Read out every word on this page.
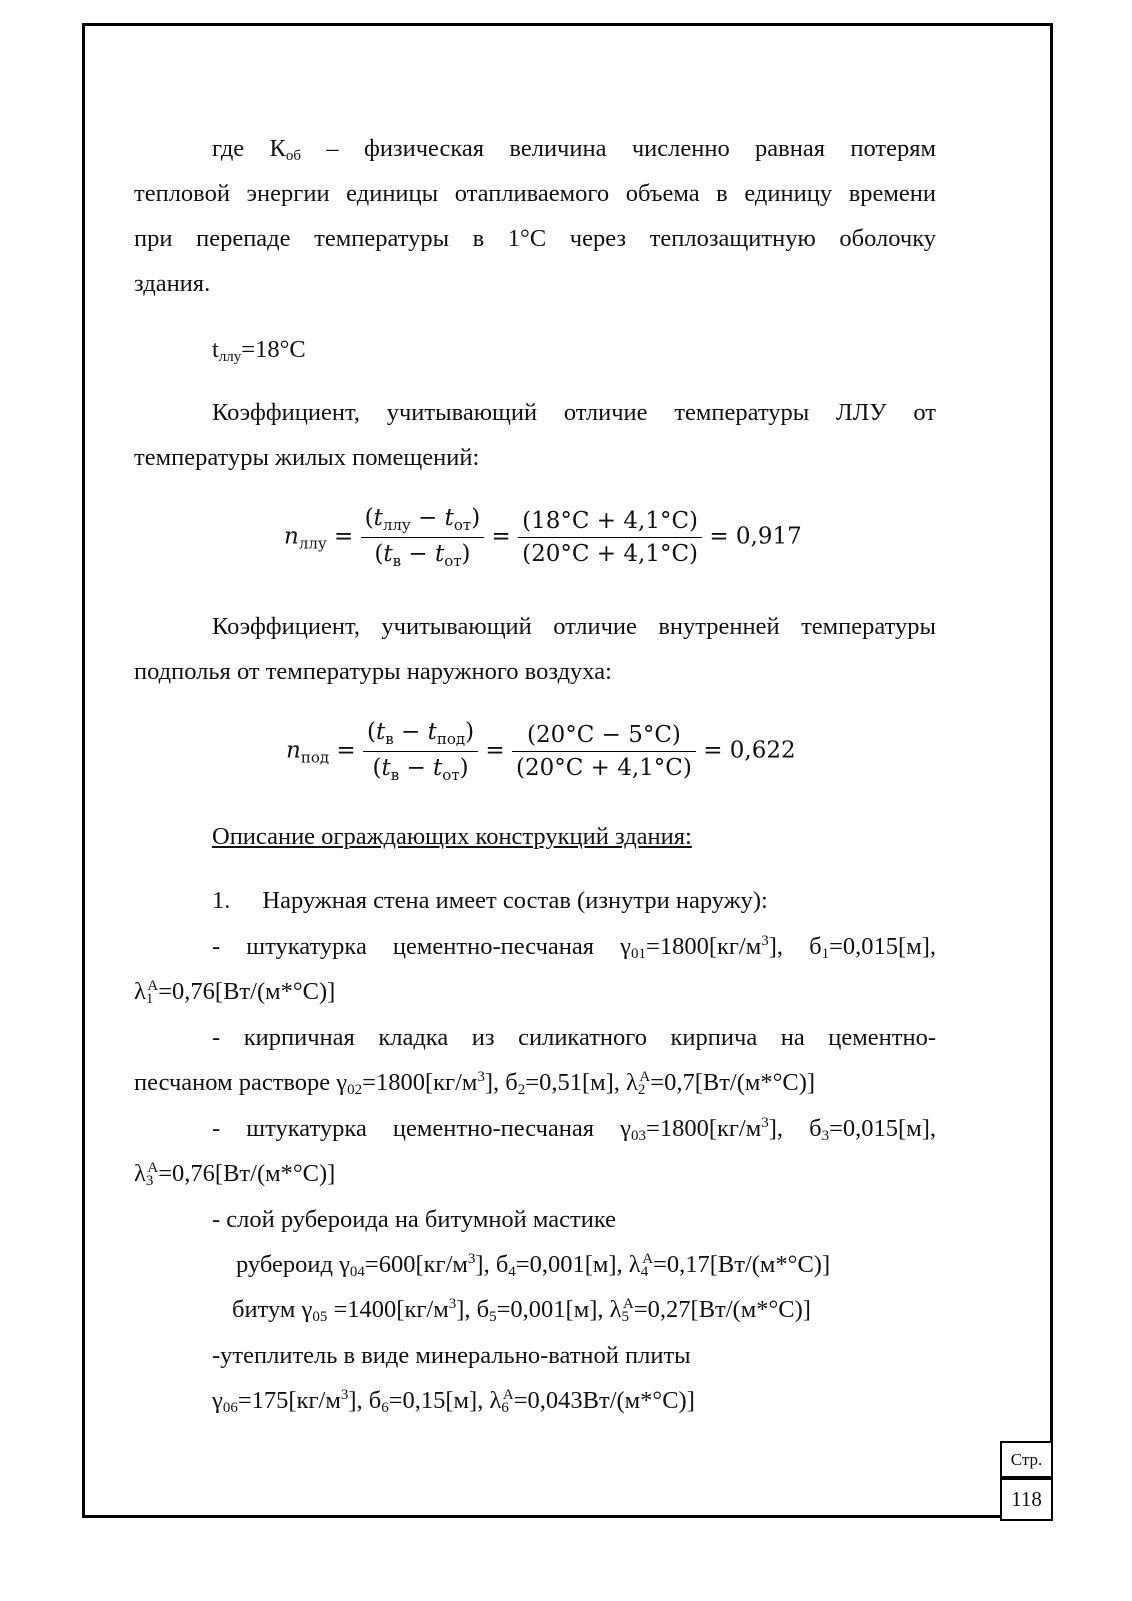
где $К_{об}$ – физическая величина численно равная потерям
тепловой энергии единицы отапливаемого объема в единицу времени
при перепаде температуры в 1°С через теплозащитную оболочку
здания.
$t_{ллу}=18^\circ С$
Коэффициент, учитывающий отличие температуры ЛЛУ от
температуры жилых помещений:
$n_{ллу} = \frac{(t_{ллу} - t_{от})}{(t_в - t_{от})} = \frac{(18^\circ С + 4,1^\circ С)}{(20^\circ С + 4,1^\circ С)} = 0,917$
Коэффициент, учитывающий отличие внутренней температуры
подполья от температуры наружного воздуха:
$n_{под} = \frac{(t_в - t_{под})}{(t_в - t_{от})} = \frac{(20^\circ С - 5^\circ С)}{(20^\circ С + 4,1^\circ С)} = 0,622$
Описание ограждающих конструкций здания:
1. Наружная стена имеет состав (изнутри наружу):
- штукатурка цементно-песчаная $\gamma_{01}=1800[кг/м^3]$, $б_1=0,015[м]$,
$\lambda_1^А=0,76[Вт/(м*^\circ С)]$
- кирпичная кладка из силикатного кирпича на цементно-
песчаном растворе $\gamma_{02}=1800[кг/м^3]$, $б_2=0,51[м]$, $\lambda_2^А=0,7[Вт/(м*^\circ С)]$
- штукатурка цементно-песчаная $\gamma_{03}=1800[кг/м^3]$, $б_3=0,015[м]$,
$\lambda_3^А=0,76[Вт/(м*^\circ С)]$
- слой рубероида на битумной мастике
рубероид $\gamma_{04}=600[кг/м^3]$, $б_4=0,001[м]$, $\lambda_4^А=0,17[Вт/(м*^\circ С)]$
битум $\gamma_{05} =1400[кг/м^3]$, $б_5=0,001[м]$, $\lambda_5^А=0,27[Вт/(м*^\circ С)]$
-утеплитель в виде минерально-ватной плиты
$\gamma_{06}=175[кг/м^3]$, $б_6=0,15[м]$, $\lambda_6^А=0,043Вт/(м*^\circ С)$]
Стр.
118
